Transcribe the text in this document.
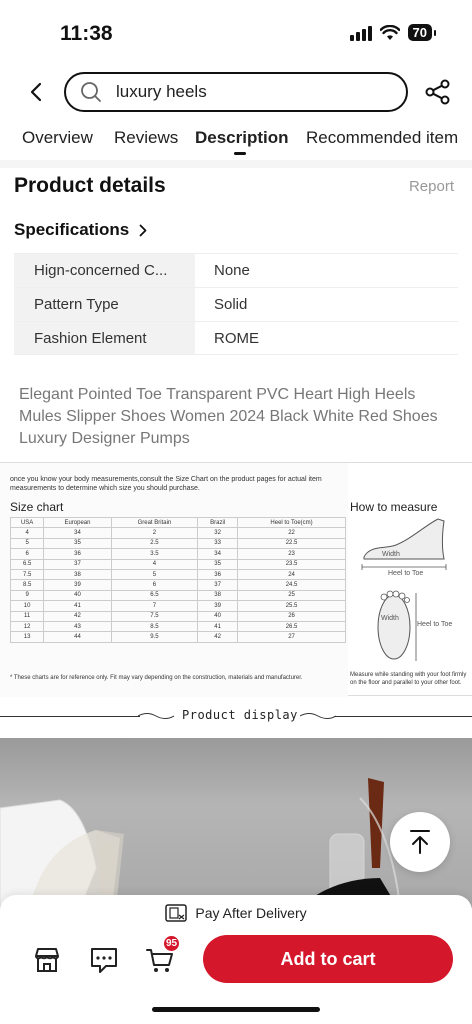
11:38	70
luxury heels
Overview Reviews Description Recommended item
Product details	Report
Specifications
Hign-concerned C...	None
Pattern Type	Solid
Fashion Element	ROME
Elegant Pointed Toe Transparent PVC Heart High Heels Mules Slipper Shoes Women 2024 Black White Red Shoes Luxury Designer Pumps
once you know your body measurements,consult the Size Chart on the product pages for actual item measurements to determine which size you should purchase.
Size chart
USA	European	Great Britain	Brazil	Heel to Toe(cm)
4	34	2	32	22
5	35	2.5	33	22.5
6	36	3.5	34	23
6.5	37	4	35	23.5
7.5	38	5	36	24
8.5	39	6	37	24.5
9	40	6.5	38	25
10	41	7	39	25.5
11	42	7.5	40	26
12	43	8.5	41	26.5
13	44	9.5	42	27
* These charts are for reference only. Fit may vary depending on the construction, materials and manufacturer.
How to measure
Width
Heel to Toe
Width
Heel to Toe
Measure while standing with your foot firmly on the floor and parallel to your other foot.
Product display
Pay After Delivery
95
Add to cart
